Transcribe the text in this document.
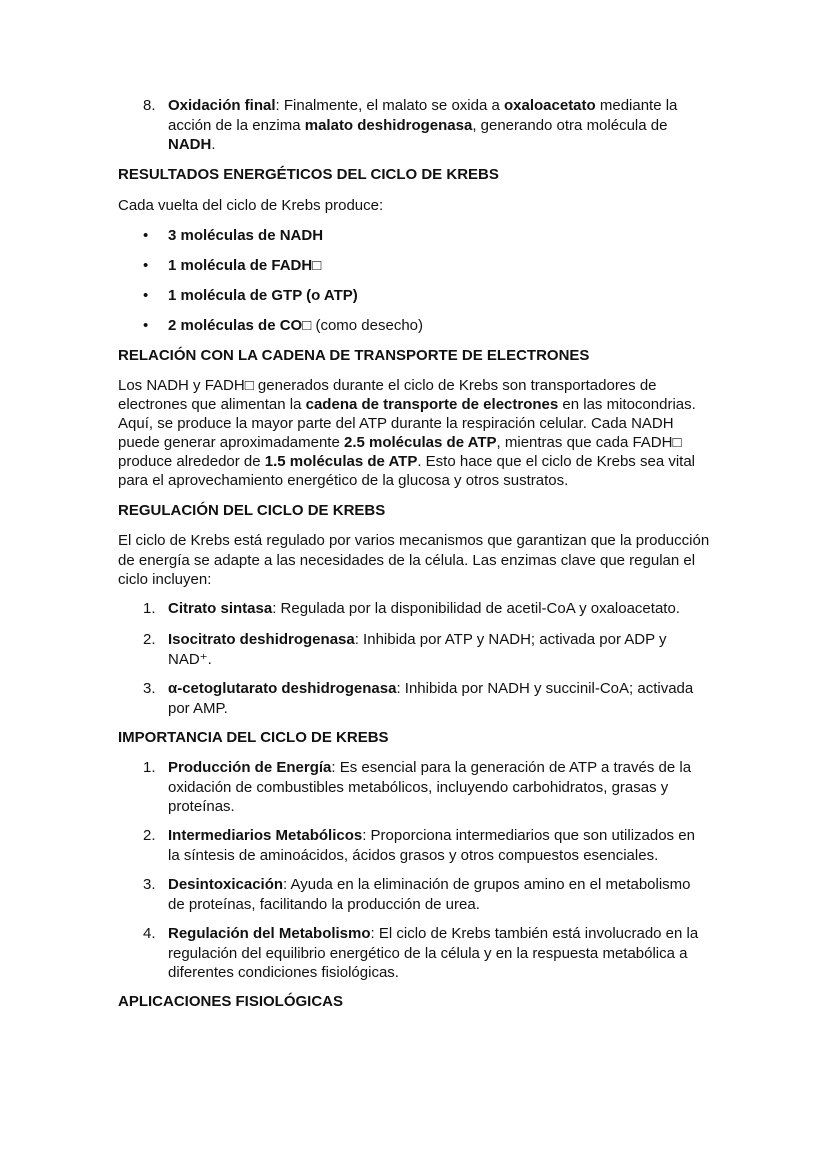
8. Oxidación final: Finalmente, el malato se oxida a oxaloacetato mediante la acción de la enzima malato deshidrogenasa, generando otra molécula de NADH.
RESULTADOS ENERGÉTICOS DEL CICLO DE KREBS
Cada vuelta del ciclo de Krebs produce:
• 3 moléculas de NADH
• 1 molécula de FADH□
• 1 molécula de GTP (o ATP)
• 2 moléculas de CO□ (como desecho)
RELACIÓN CON LA CADENA DE TRANSPORTE DE ELECTRONES
Los NADH y FADH□ generados durante el ciclo de Krebs son transportadores de electrones que alimentan la cadena de transporte de electrones en las mitocondrias. Aquí, se produce la mayor parte del ATP durante la respiración celular. Cada NADH puede generar aproximadamente 2.5 moléculas de ATP, mientras que cada FADH□ produce alrededor de 1.5 moléculas de ATP. Esto hace que el ciclo de Krebs sea vital para el aprovechamiento energético de la glucosa y otros sustratos.
REGULACIÓN DEL CICLO DE KREBS
El ciclo de Krebs está regulado por varios mecanismos que garantizan que la producción de energía se adapte a las necesidades de la célula. Las enzimas clave que regulan el ciclo incluyen:
1. Citrato sintasa: Regulada por la disponibilidad de acetil-CoA y oxaloacetato.
2. Isocitrato deshidrogenasa: Inhibida por ATP y NADH; activada por ADP y NAD⁺.
3. α-cetoglutarato deshidrogenasa: Inhibida por NADH y succinil-CoA; activada por AMP.
IMPORTANCIA DEL CICLO DE KREBS
1. Producción de Energía: Es esencial para la generación de ATP a través de la oxidación de combustibles metabólicos, incluyendo carbohidratos, grasas y proteínas.
2. Intermediarios Metabólicos: Proporciona intermediarios que son utilizados en la síntesis de aminoácidos, ácidos grasos y otros compuestos esenciales.
3. Desintoxicación: Ayuda en la eliminación de grupos amino en el metabolismo de proteínas, facilitando la producción de urea.
4. Regulación del Metabolismo: El ciclo de Krebs también está involucrado en la regulación del equilibrio energético de la célula y en la respuesta metabólica a diferentes condiciones fisiológicas.
APLICACIONES FISIOLÓGICAS
